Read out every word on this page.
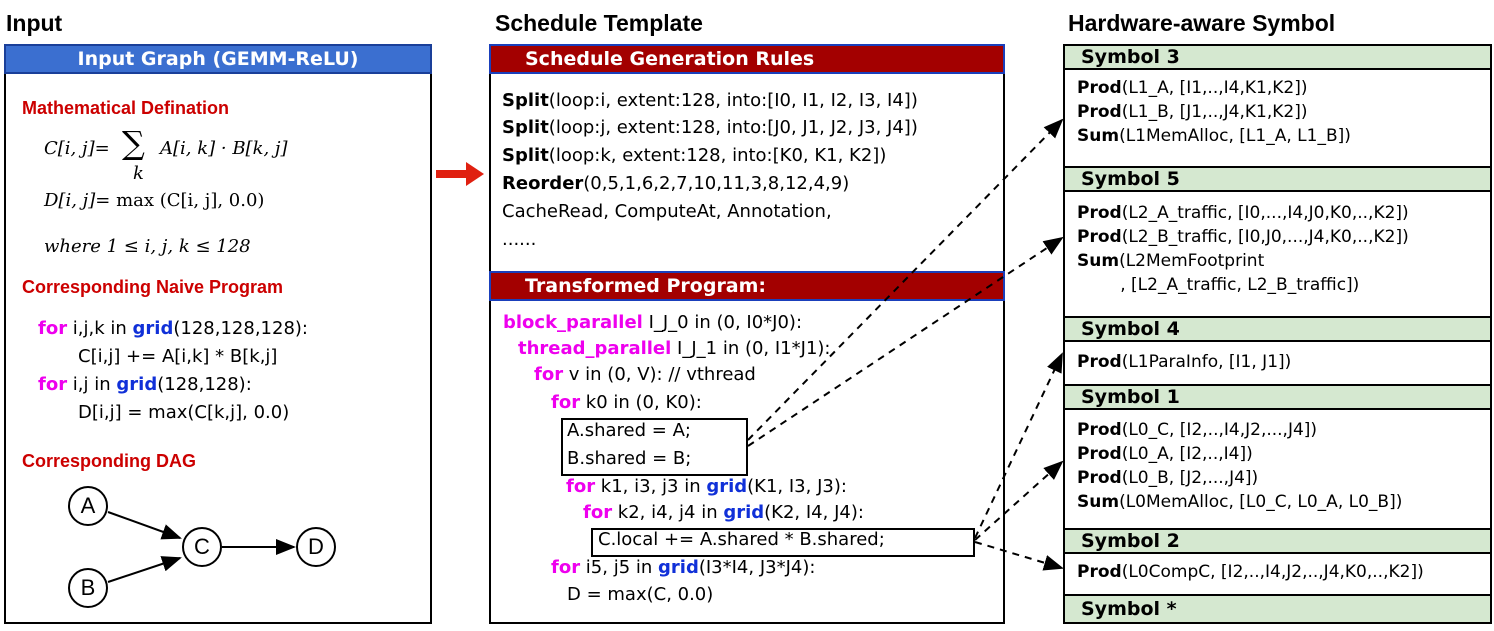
Input	Schedule Template	Hardware-aware Symbol
Input Graph (GEMM-ReLU)
Mathematical Defination
C[i, j]= ∑
k
A[i, k] · B[k, j]
D[i, j]= max (C[i, j], 0.0)
where 1 ≤ i, j, k ≤ 128
Corresponding Naive Program
for i,j,k in grid(128,128,128):
C[i,j] += A[i,k] * B[k,j]
for i,j in grid(128,128):
D[i,j] = max(C[k,j], 0.0)
Corresponding DAG
A
B
C	D
Schedule Generation Rules
Split(loop:i, extent:128, into:[I0, I1, I2, I3, I4])
Split(loop:j, extent:128, into:[J0, J1, J2, J3, J4])
Split(loop:k, extent:128, into:[K0, K1, K2])
Reorder(0,5,1,6,2,7,10,11,3,8,12,4,9)
CacheRead, ComputeAt, Annotation,
......
Transformed Program:
block_parallel I_J_0 in (0, I0*J0):
thread_parallel I_J_1 in (0, I1*J1):
for v in (0, V): // vthread
for k0 in (0, K0):
A.shared = A;
B.shared = B;
for k1, i3, j3 in grid(K1, I3, J3):
for k2, i4, j4 in grid(K2, I4, J4):
C.local += A.shared * B.shared;
for i5, j5 in grid(I3*I4, J3*J4):
D = max(C, 0.0)
Symbol 3
Prod(L1_A, [I1,..,I4,K1,K2])
Prod(L1_B, [J1,..,J4,K1,K2])
Sum(L1MemAlloc, [L1_A, L1_B])
Symbol 5
Prod(L2_A_traffic, [I0,...,I4,J0,K0,..,K2])
Prod(L2_B_traffic, [I0,J0,...,J4,K0,..,K2])
Sum(L2MemFootprint
, [L2_A_traffic, L2_B_traffic])
Symbol 4
Prod(L1ParaInfo, [I1, J1])
Symbol 1
Prod(L0_C, [I2,..,I4,J2,...,J4])
Prod(L0_A, [I2,..,I4])
Prod(L0_B, [J2,...,J4])
Sum(L0MemAlloc, [L0_C, L0_A, L0_B])
Symbol 2
Prod(L0CompC, [I2,..,I4,J2,..,J4,K0,..,K2])
Symbol *
